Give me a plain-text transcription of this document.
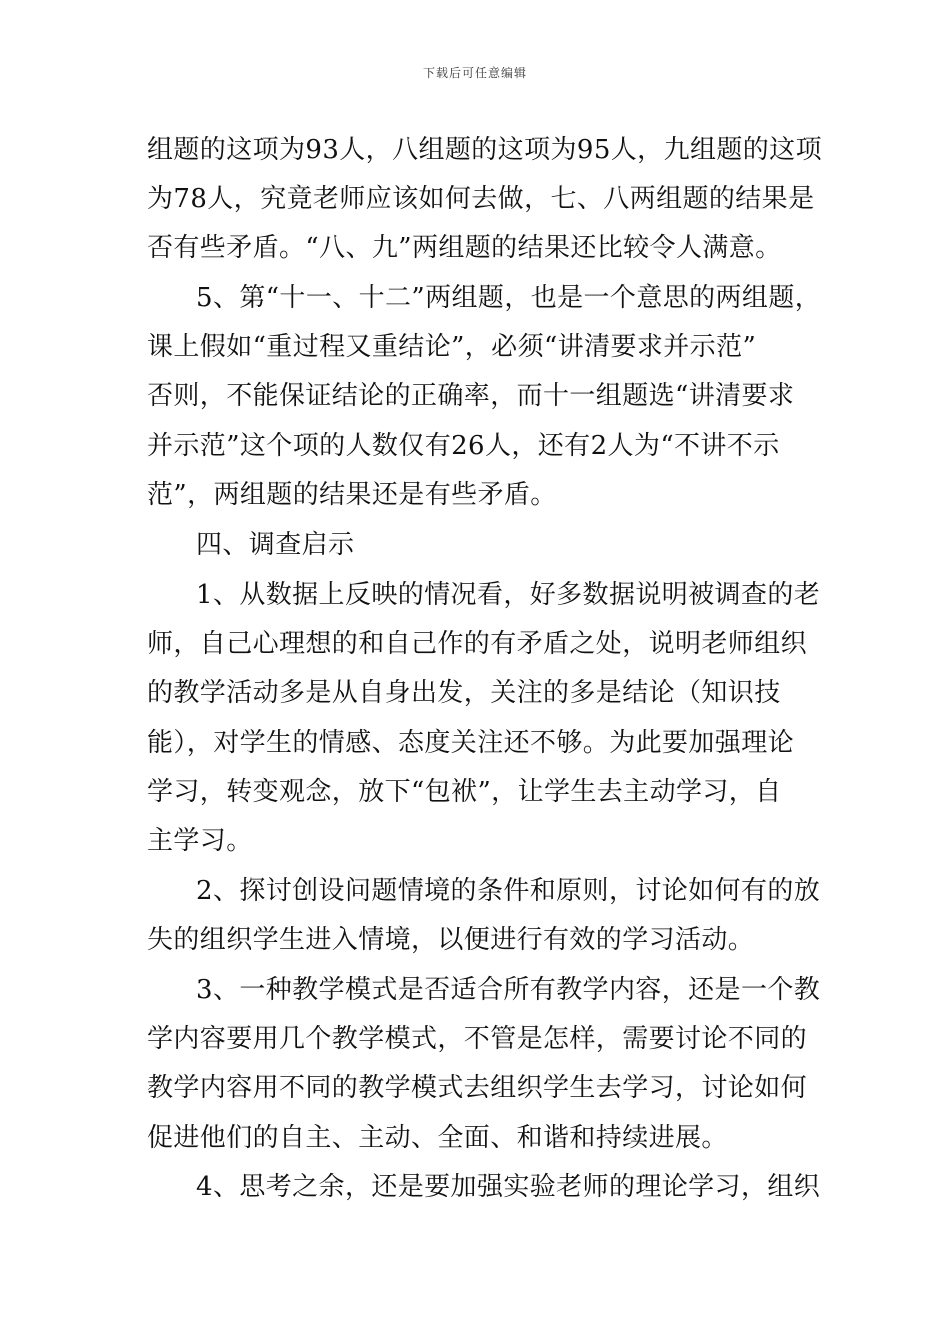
下载后可任意编辑
组题的这项为93人，八组题的这项为95人，九组题的这项
为78人，究竟老师应该如何去做，七、八两组题的结果是
否有些矛盾。“八、九”两组题的结果还比较令人满意。
5、第“十一、十二”两组题，也是一个意思的两组题，
课上假如“重过程又重结论”，必须“讲清要求并示范”
否则，不能保证结论的正确率，而十一组题选“讲清要求
并示范”这个项的人数仅有26人，还有2人为“不讲不示
范”，两组题的结果还是有些矛盾。
四、调查启示
1、从数据上反映的情况看，好多数据说明被调查的老
师，自己心理想的和自己作的有矛盾之处，说明老师组织
的教学活动多是从自身出发，关注的多是结论（知识技
能），对学生的情感、态度关注还不够。为此要加强理论
学习，转变观念，放下“包袱”，让学生去主动学习，自
主学习。
2、探讨创设问题情境的条件和原则，讨论如何有的放
失的组织学生进入情境，以便进行有效的学习活动。
3、一种教学模式是否适合所有教学内容，还是一个教
学内容要用几个教学模式，不管是怎样，需要讨论不同的
教学内容用不同的教学模式去组织学生去学习，讨论如何
促进他们的自主、主动、全面、和谐和持续进展。
4、思考之余，还是要加强实验老师的理论学习，组织
